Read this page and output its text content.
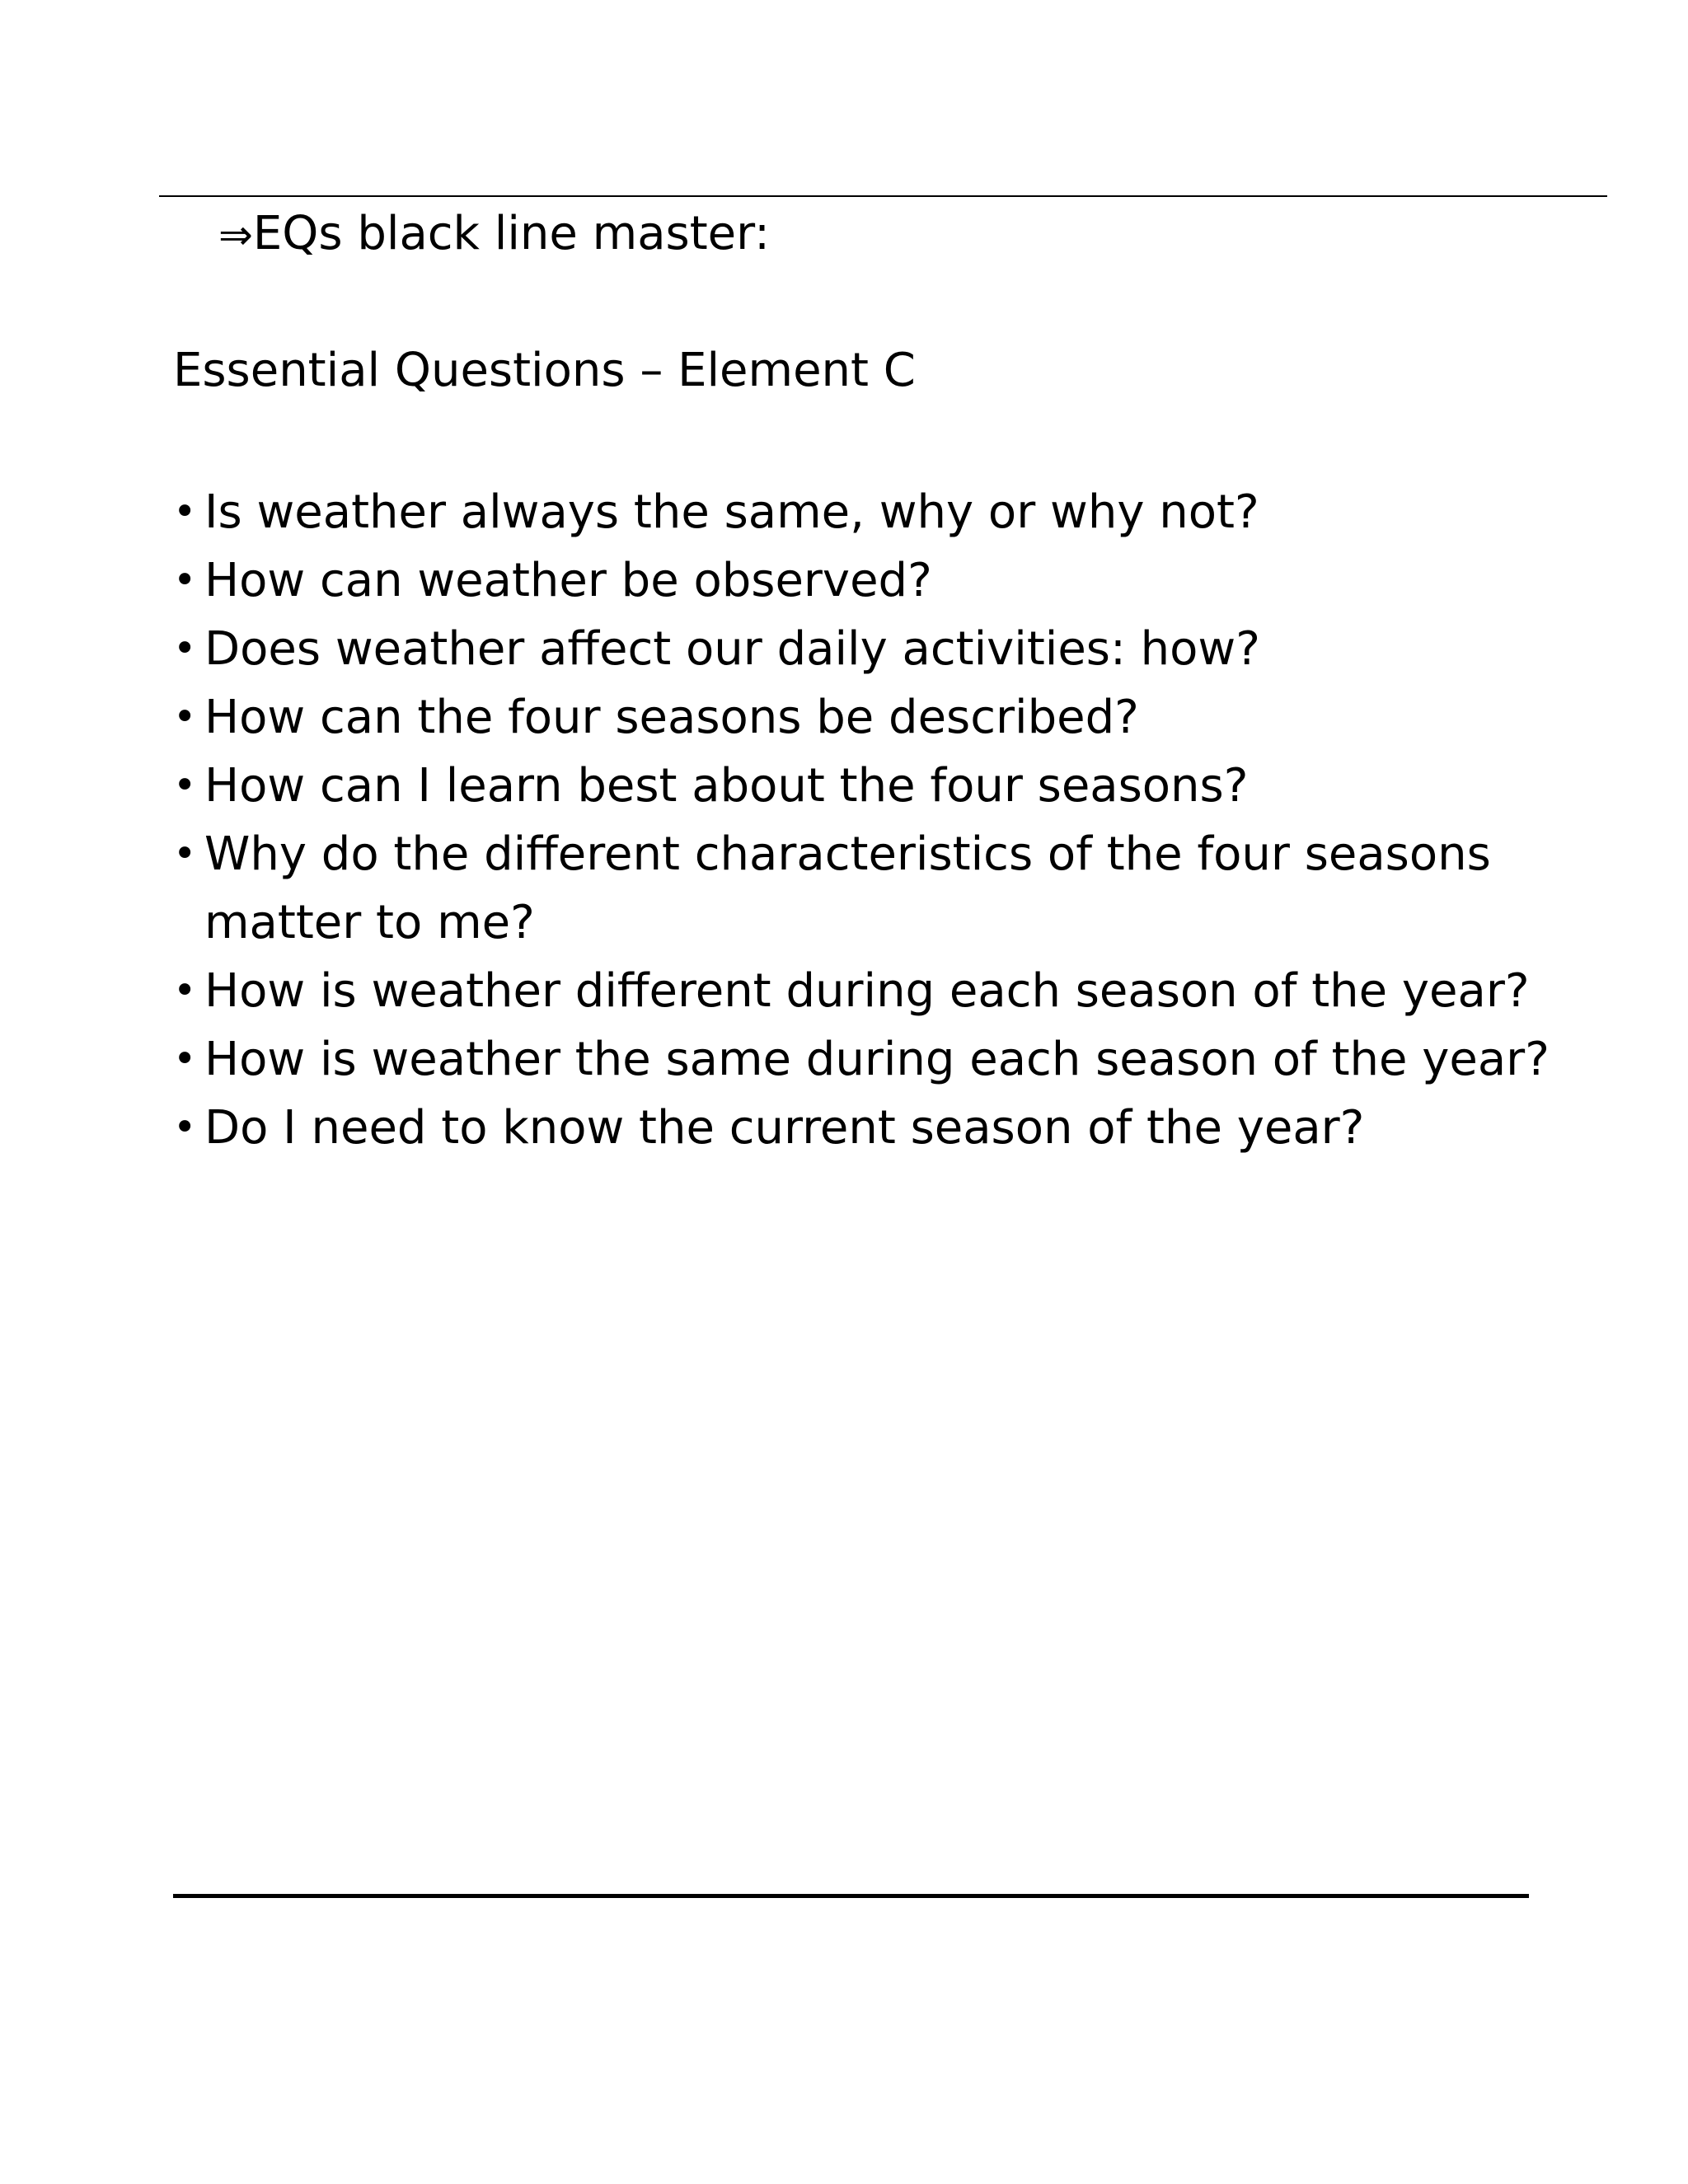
⇒EQs black line master:
Essential Questions – Element C
• Is weather always the same, why or why not?
• How can weather be observed?
• Does weather affect our daily activities: how?
• How can the four seasons be described?
• How can I learn best about the four seasons?
• Why do the different characteristics of the four seasons matter to me?
• How is weather different during each season of the year?
• How is weather the same during each season of the year?
• Do I need to know the current season of the year?
